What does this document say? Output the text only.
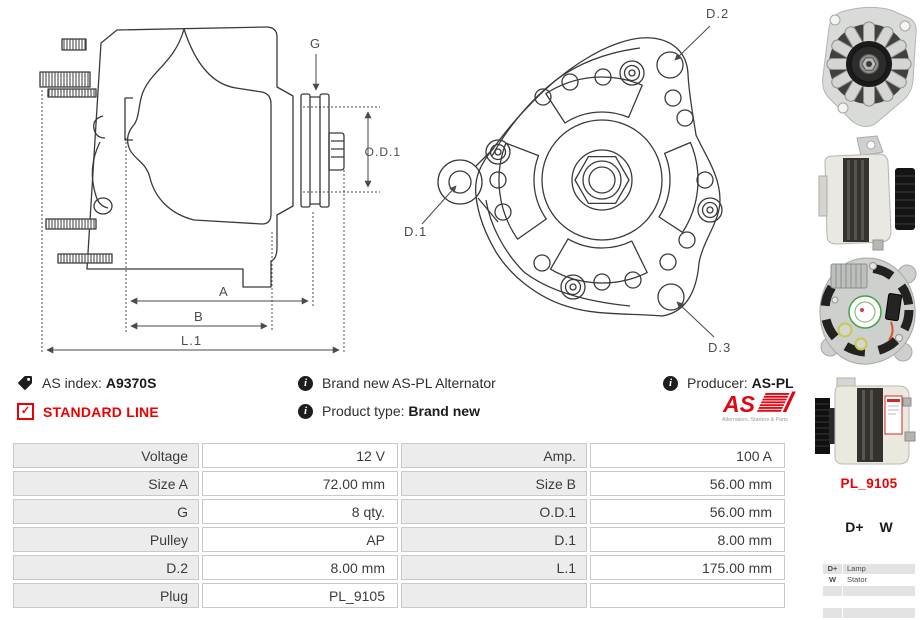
G
O.D.1
A
B
L.1
D.2
D.1
D.3
PL_9105
D+ W
D+	Lamp
W	Stator

AS index: A9370S
✓ STANDARD LINE
i	Brand new AS-PL Alternator
i	Product type: Brand new
i	Producer: AS-PL
AS
Alternators, Starters & Parts
Voltage	12 V	Amp.	100 A
Size A	72.00 mm	Size B	56.00 mm
G	8 qty.	O.D.1	56.00 mm
Pulley	AP	D.1	8.00 mm
D.2	8.00 mm	L.1	175.00 mm
Plug	PL_9105		
